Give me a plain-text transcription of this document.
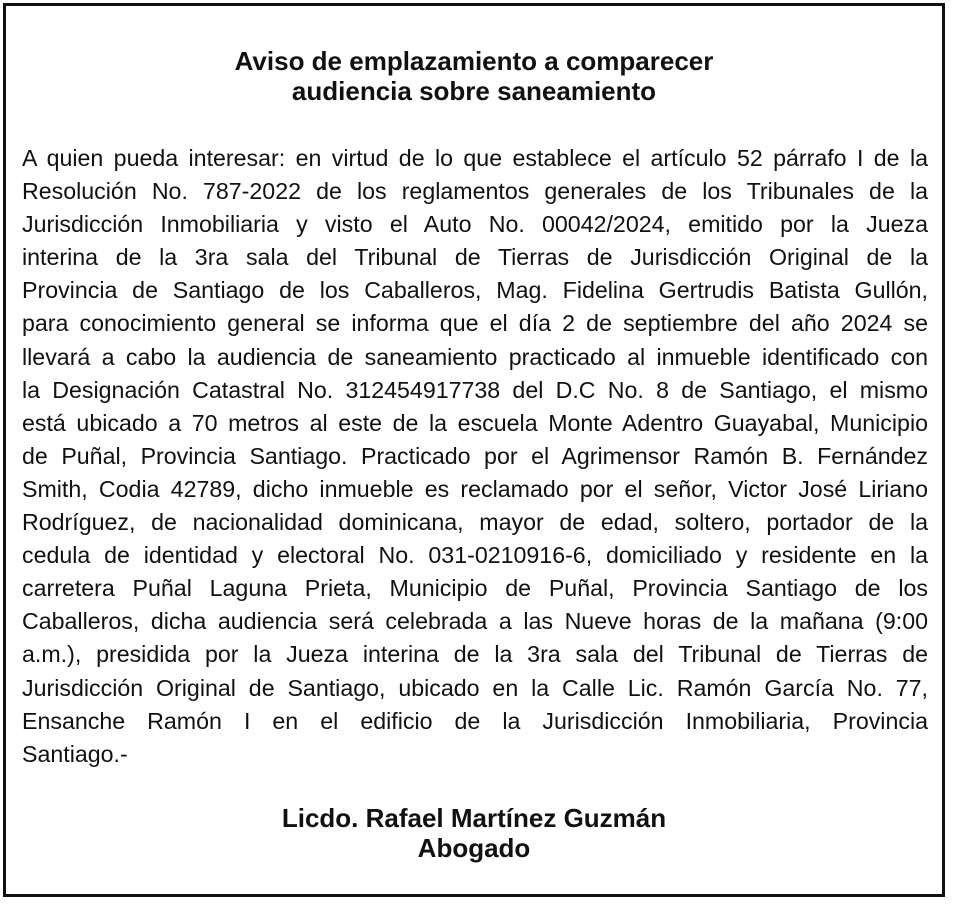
Aviso de emplazamiento a comparecer
audiencia sobre saneamiento
A quien pueda interesar: en virtud de lo que establece el artículo 52 párrafo I de la
Resolución No. 787-2022 de los reglamentos generales de los Tribunales de la
Jurisdicción Inmobiliaria y visto el Auto No. 00042/2024, emitido por la Jueza
interina de la 3ra sala del Tribunal de Tierras de Jurisdicción Original de la
Provincia de Santiago de los Caballeros, Mag. Fidelina Gertrudis Batista Gullón,
para conocimiento general se informa que el día 2 de septiembre del año 2024 se
llevará a cabo la audiencia de saneamiento practicado al inmueble identificado con
la Designación Catastral No. 312454917738 del D.C No. 8 de Santiago, el mismo
está ubicado a 70 metros al este de la escuela Monte Adentro Guayabal, Municipio
de Puñal, Provincia Santiago. Practicado por el Agrimensor Ramón B. Fernández
Smith, Codia 42789, dicho inmueble es reclamado por el señor, Victor José Liriano
Rodríguez, de nacionalidad dominicana, mayor de edad, soltero, portador de la
cedula de identidad y electoral No. 031-0210916-6, domiciliado y residente en la
carretera Puñal Laguna Prieta, Municipio de Puñal, Provincia Santiago de los
Caballeros, dicha audiencia será celebrada a las Nueve horas de la mañana (9:00
a.m.), presidida por la Jueza interina de la 3ra sala del Tribunal de Tierras de
Jurisdicción Original de Santiago, ubicado en la Calle Lic. Ramón García No. 77,
Ensanche Ramón I en el edificio de la Jurisdicción Inmobiliaria, Provincia
Santiago.-
Licdo. Rafael Martínez Guzmán
Abogado
